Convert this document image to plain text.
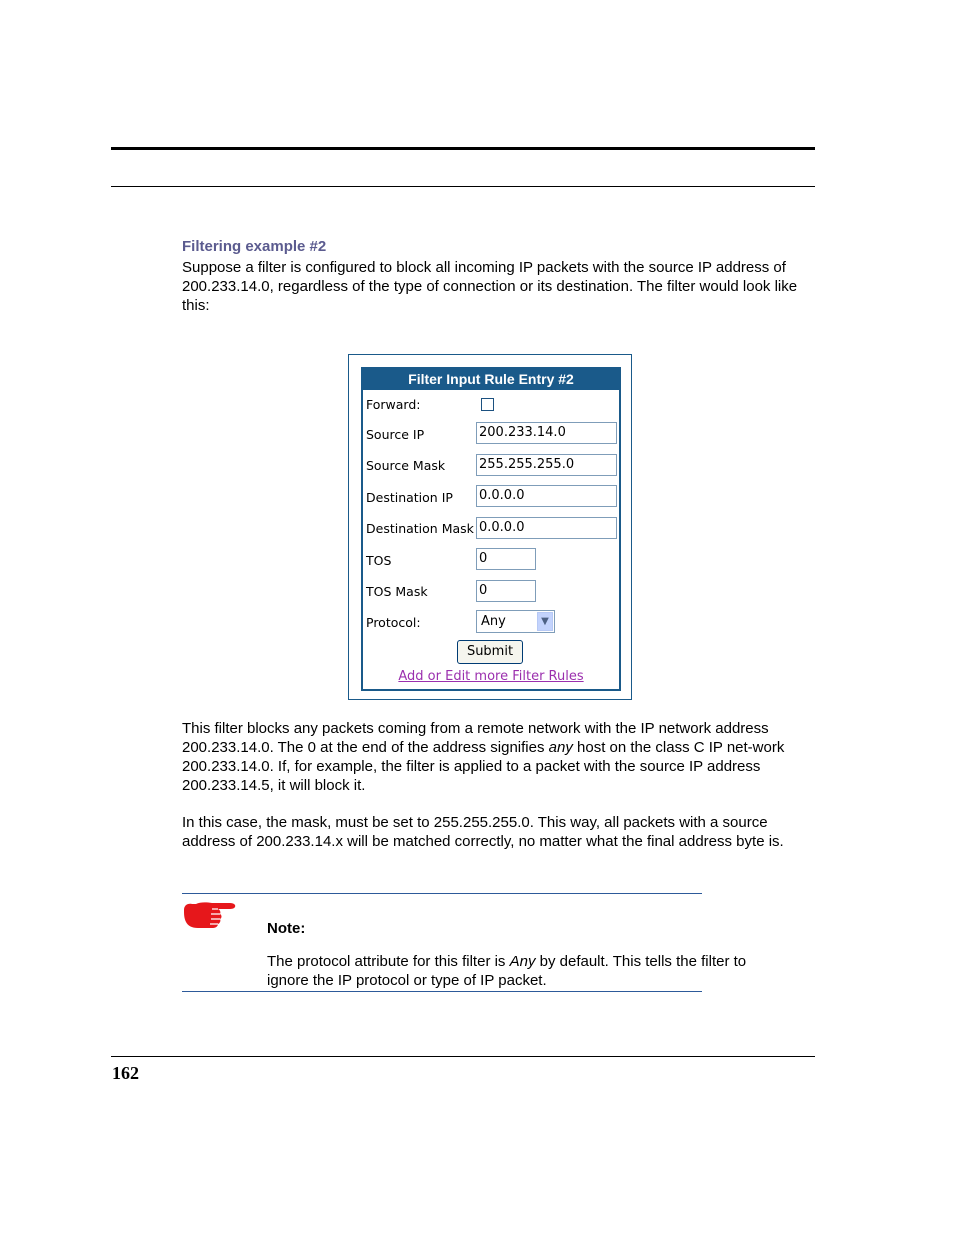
Filtering example #2
Suppose a filter is configured to block all incoming IP packets with the source IP address of 200.233.14.0, regardless of the type of connection or its destination. The filter would look like this:
Filter Input Rule Entry #2
Forward:
Source IP	200.233.14.0
Source Mask	255.255.255.0
Destination IP 0.0.0.0
Destination Mask 0.0.0.0
TOS	0
TOS Mask	0
Protocol:	Any	▼
Submit
Add or Edit more Filter Rules
This filter blocks any packets coming from a remote network with the IP network address 200.233.14.0. The 0 at the end of the address signifies any host on the class C IP net-work 200.233.14.0. If, for example, the filter is applied to a packet with the source IP address 200.233.14.5, it will block it.
In this case, the mask, must be set to 255.255.255.0. This way, all packets with a source address of 200.233.14.x will be matched correctly, no matter what the final address byte is.
Note:
The protocol attribute for this filter is Any by default. This tells the filter to ignore the IP protocol or type of IP packet.
162
